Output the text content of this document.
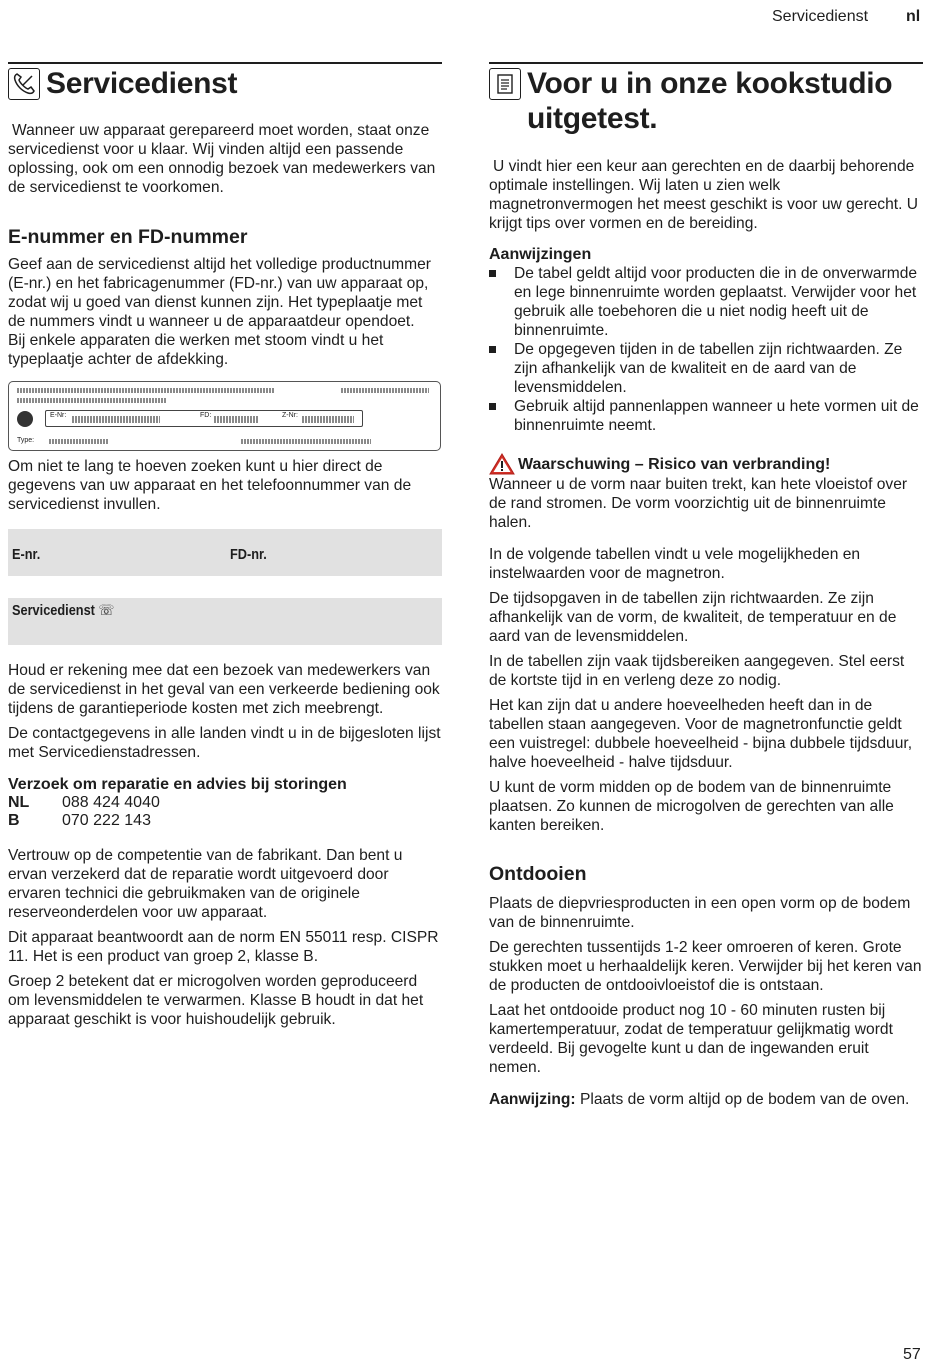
Servicedienst nl
Servicedienst

Wanneer uw apparaat gerepareerd moet worden, staat onze servicedienst voor u klaar. Wij vinden altijd een passende oplossing, ook om een onnodig bezoek van medewerkers van de servicedienst te voorkomen.

E-nummer en FD-nummer

Geef aan de servicedienst altijd het volledige productnummer (E-nr.) en het fabricagenummer (FD-nr.) van uw apparaat op, zodat wij u goed van dienst kunnen zijn. Het typeplaatje met de nummers vindt u wanneer u de apparaatdeur opendoet.

Bij enkele apparaten die werken met stoom vindt u het typeplaatje achter de afdekking.

E-Nr:	FD:	Z-Nr:
Type:

Om niet te lang te hoeven zoeken kunt u hier direct de gegevens van uw apparaat en het telefoonnummer van de servicedienst invullen.

E-nr.	FD-nr.
Servicedienst ☏

Houd er rekening mee dat een bezoek van medewerkers van de servicedienst in het geval van een verkeerde bediening ook tijdens de garantieperiode kosten met zich meebrengt.

De contactgegevens in alle landen vindt u in de bijgesloten lijst met Servicedienstadressen.

Verzoek om reparatie en advies bij storingen

NL	088 424 4040
B	070 222 143

Vertrouw op de competentie van de fabrikant. Dan bent u ervan verzekerd dat de reparatie wordt uitgevoerd door ervaren technici die gebruikmaken van de originele reserveonderdelen voor uw apparaat.

Dit apparaat beantwoordt aan de norm EN 55011 resp. CISPR 11. Het is een product van groep 2, klasse B.

Groep 2 betekent dat er microgolven worden geproduceerd om levensmiddelen te verwarmen. Klasse B houdt in dat het apparaat geschikt is voor huishoudelijk gebruik.

Voor u in onze kookstudio
uitgetest.

U vindt hier een keur aan gerechten en de daarbij behorende optimale instellingen. Wij laten u zien welk magnetronvermogen het meest geschikt is voor uw gerecht. U krijgt tips over vormen en de bereiding.

Aanwijzingen

De tabel geldt altijd voor producten die in de onverwarmde en lege binnenruimte worden geplaatst. Verwijder voor het gebruik alle toebehoren die u niet nodig heeft uit de binnenruimte.
De opgegeven tijden in de tabellen zijn richtwaarden. Ze zijn afhankelijk van de kwaliteit en de aard van de levensmiddelen.
Gebruik altijd pannenlappen wanneer u hete vormen uit de binnenruimte neemt.
Waarschuwing – Risico van verbranding!

Wanneer u de vorm naar buiten trekt, kan hete vloeistof over de rand stromen. De vorm voorzichtig uit de binnenruimte halen.

In de volgende tabellen vindt u vele mogelijkheden en instelwaarden voor de magnetron.

De tijdsopgaven in de tabellen zijn richtwaarden. Ze zijn afhankelijk van de vorm, de kwaliteit, de temperatuur en de aard van de levensmiddelen.

In de tabellen zijn vaak tijdsbereiken aangegeven. Stel eerst de kortste tijd in en verleng deze zo nodig.

Het kan zijn dat u andere hoeveelheden heeft dan in de tabellen staan aangegeven. Voor de magnetronfunctie geldt een vuistregel: dubbele hoeveelheid - bijna dubbele tijdsduur, halve hoeveelheid - halve tijdsduur.

U kunt de vorm midden op de bodem van de binnenruimte plaatsen. Zo kunnen de microgolven de gerechten van alle kanten bereiken.

Ontdooien

Plaats de diepvriesproducten in een open vorm op de bodem van de binnenruimte.

De gerechten tussentijds 1-2 keer omroeren of keren. Grote stukken moet u herhaaldelijk keren. Verwijder bij het keren van de producten de ontdooivloeistof die is ontstaan.

Laat het ontdooide product nog 10 - 60 minuten rusten bij kamertemperatuur, zodat de temperatuur gelijkmatig wordt verdeeld. Bij gevogelte kunt u dan de ingewanden eruit nemen.

Aanwijzing: Plaats de vorm altijd op de bodem van de oven.

57
